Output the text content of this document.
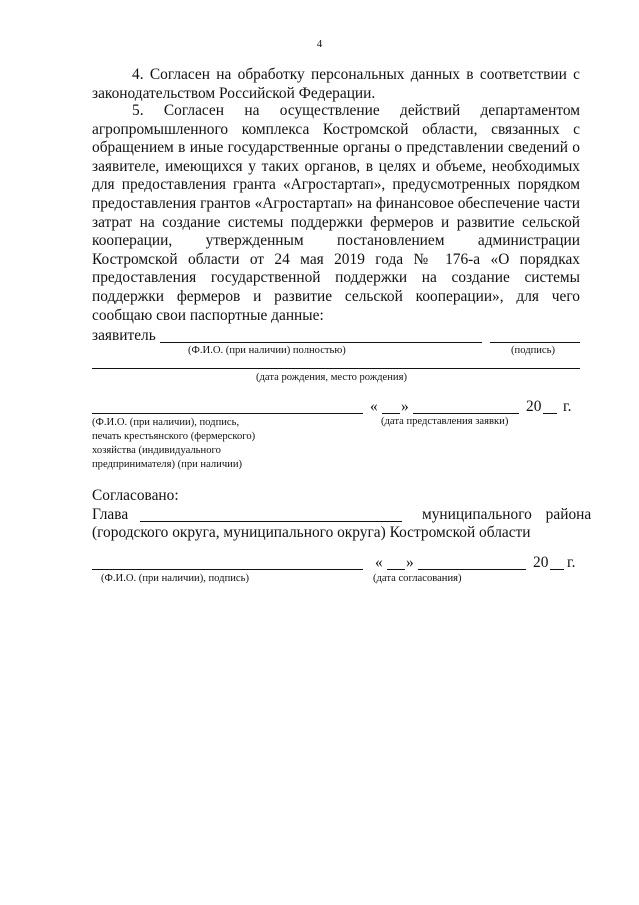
4
4. Согласен на обработку персональных данных в соответствии с законодательством Российской Федерации.
5. Согласен на осуществление действий департаментом агропромышленного комплекса Костромской области, связанных с обращением в иные государственные органы о представлении сведений о заявителе, имеющихся у таких органов, в целях и объеме, необходимых для предоставления гранта «Агростартап», предусмотренных порядком предоставления грантов «Агростартап» на финансовое обеспечение части затрат на создание системы поддержки фермеров и развитие сельской кооперации, утвержденным постановлением администрации Костромской области от 24 мая 2019 года № 176-а «О порядках предоставления государственной поддержки на создание системы поддержки фермеров и развитие сельской кооперации», для чего сообщаю свои паспортные данные:
заявитель
(Ф.И.О. (при наличии) полностью)	(подпись)
(дата рождения, место рождения)
« »	20 г.
(Ф.И.О. (при наличии), подпись,
печать крестьянского (фермерского)
хозяйства (индивидуального
предпринимателя) (при наличии)
(дата представления заявки)
Согласовано:
Глава	муниципального района
(городского округа, муниципального округа) Костромской области
« »	20 г.
(Ф.И.О. (при наличии), подпись)	(дата согласования)
